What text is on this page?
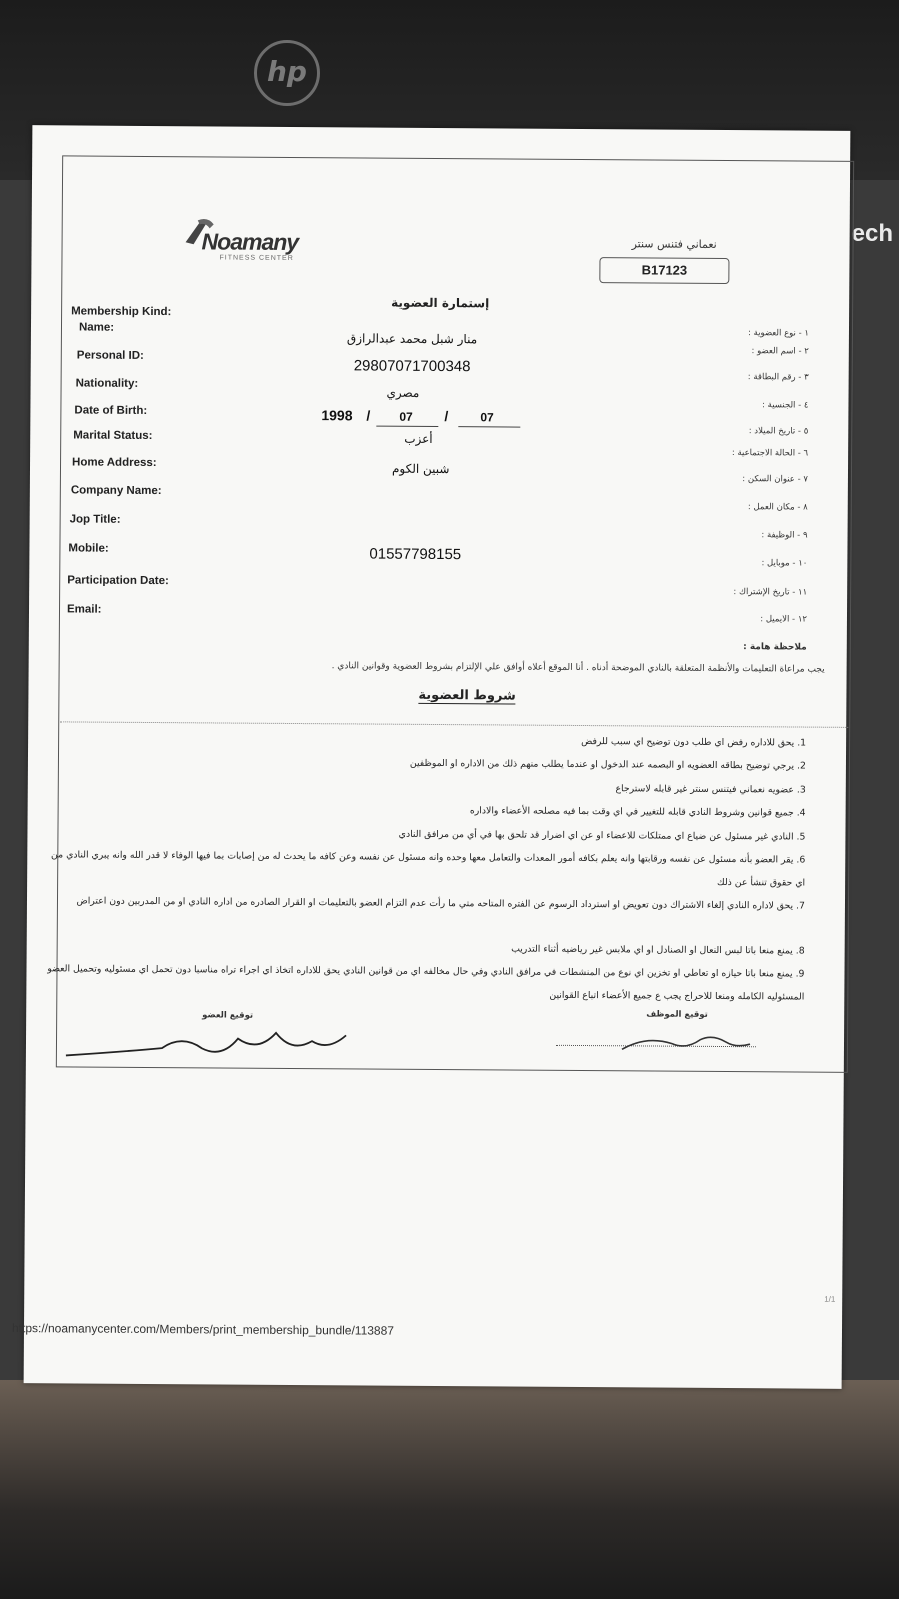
hp
ech
Noamany
FITNESS CENTER
نعماني فتنس سنتر
B17123
إستمارة العضوية
Membership Kind:
Name:
Personal ID:
Nationality:
Date of Birth:
Marital Status:
Home Address:
Company Name:
Jop Title:
Mobile:
Participation Date:
Email:
١ - نوع العضوية :
٢ - اسم العضو :
٣ - رقم البطاقة :
٤ - الجنسية :
٥ - تاريخ الميلاد :
٦ - الحالة الاجتماعية :
٧ - عنوان السكن :
٨ - مكان العمل :
٩ - الوظيفة :
١٠ - موبايل :
١١ - تاريخ الإشتراك :
١٢ - الايميل :
منار شبل محمد عبدالرازق
29807071700348
مصري
1998 / 07 /	07
أعزب
شبين الكوم
01557798155
ملاحظة هامة :
يجب مراعاة التعليمات والأنظمة المتعلقة بالنادي الموضحة أدناه . أنا الموقع أعلاه أوافق علي الإلتزام بشروط العضوية وقوانين النادي .
شروط العضوية
1. يحق للاداره رفض اي طلب دون توضيح اي سبب للرفض
2. يرجي توضيح بطاقه العضويه او البصمه عند الدخول او عندما يطلب منهم ذلك من الاداره او الموظفين
3. عضويه نعماني فيتنس سنتر غير قابله لاسترجاع
4. جميع قوانين وشروط النادي قابله للتغيير في اي وقت بما فيه مصلحه الأعضاء والاداره
5. النادي غير مسئول عن ضياع اي ممتلكات للاعضاء او عن اي اضرار قد تلحق بها في أي من مرافق النادي
6. يقر العضو بأنه مسئول عن نفسه ورقابتها وانه يعلم بكافه أمور المعدات والتعامل معها وحده وانه مسئول عن نفسه وعن كافه ما يحدث له من إصابات بما فيها الوفاء لا قدر الله وانه يبري النادي من اي حقوق تنشأ عن ذلك
7. يحق لاداره النادي إلغاء الاشتراك دون تعويض او استرداد الرسوم عن الفتره المتاحه متي ما رأت عدم التزام العضو بالتعليمات او القرار الصادره من اداره النادي او من المدربين دون اعتراض
8. يمنع منعا باتا لبس النعال او الصنادل او اي ملابس غير رياضيه أثناء التدريب
9. يمنع منعا باتا حيازه او تعاطي او تخزين اي نوع من المنشطات في مرافق النادي وفي حال مخالفه اي من قوانين النادي يحق للاداره اتخاذ اي اجراء تراه مناسبا دون تحمل اي مسئوليه وتحميل العضو المسئوليه الكامله ومنعا للاحراج يجب ع جميع الأعضاء اتباع القوانين
توقيع الموظف
توقيع العضو
1/1
https://noamanycenter.com/Members/print_membership_bundle/113887
